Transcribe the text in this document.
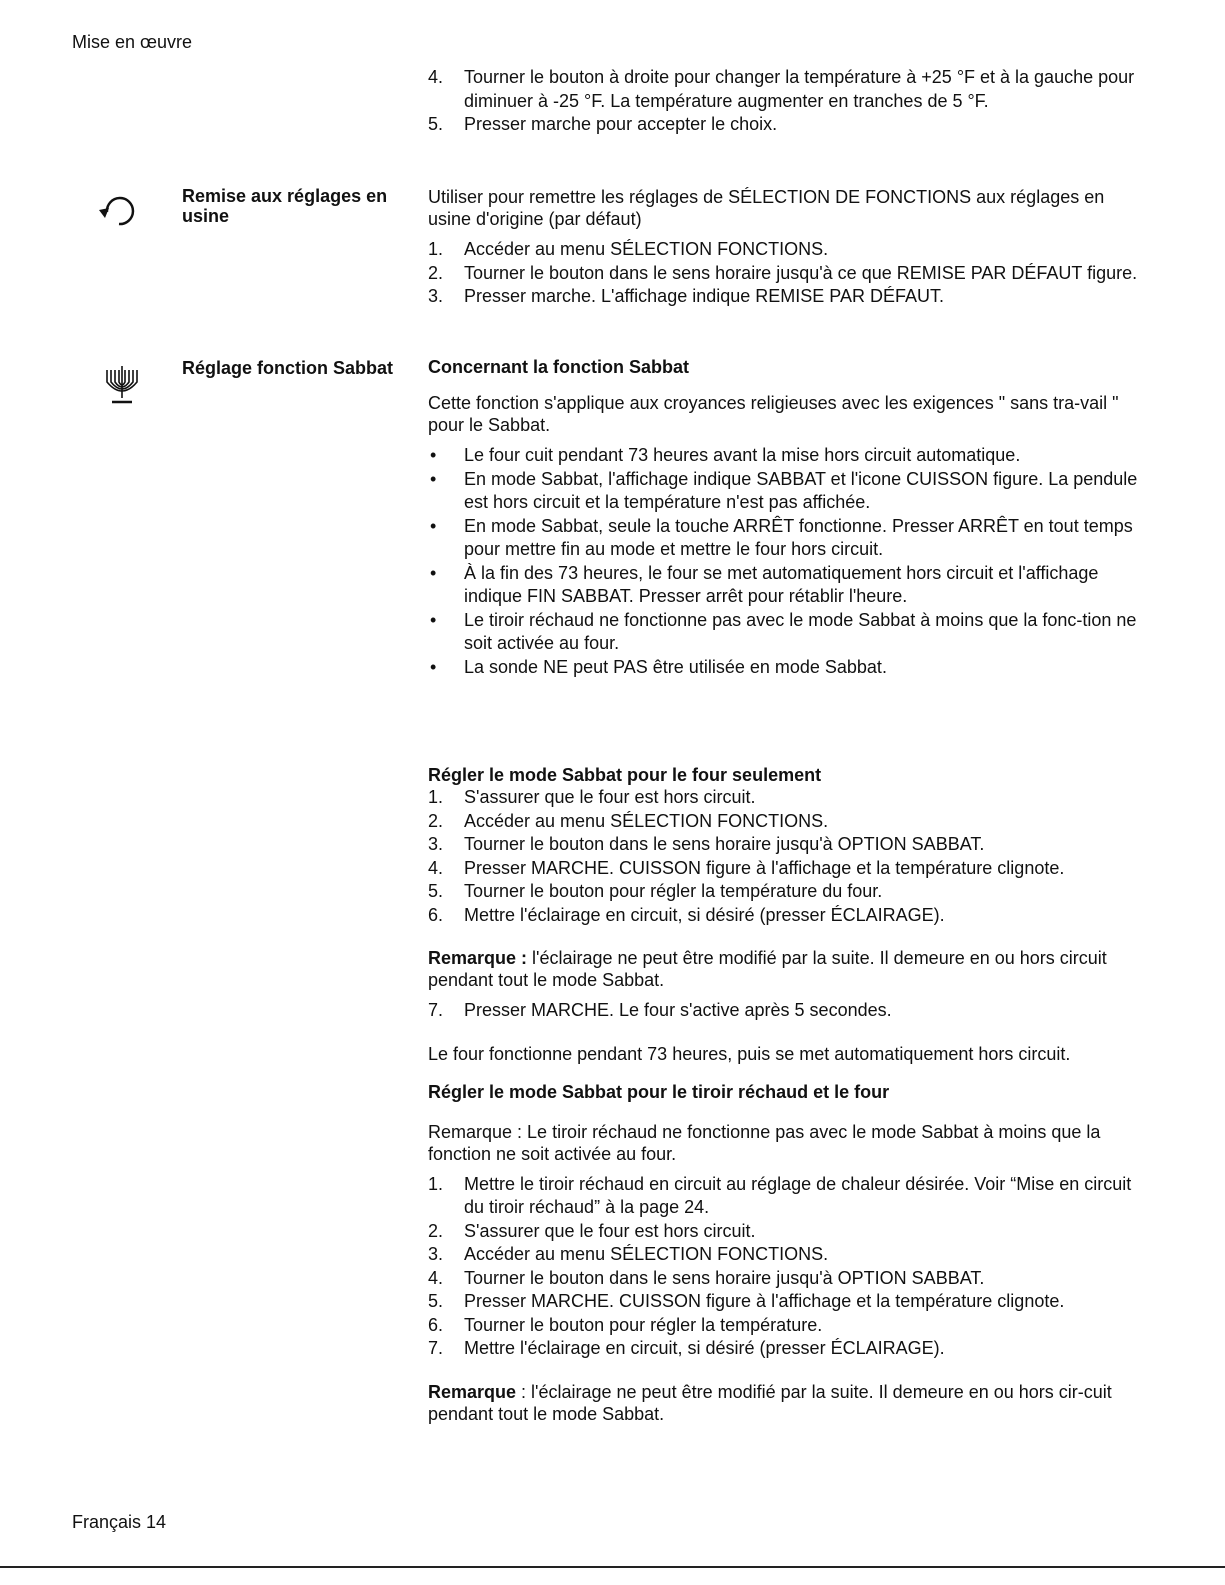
Mise en œuvre
4. Tourner le bouton à droite pour changer la température à +25 °F et à la gauche pour diminuer à -25 °F. La température augmenter en tranches de 5 °F.
5. Presser marche pour accepter le choix.
Remise aux réglages en usine

Utiliser pour remettre les réglages de SÉLECTION DE FONCTIONS aux réglages en usine d'origine (par défaut)

1. Accéder au menu SÉLECTION FONCTIONS.
2. Tourner le bouton dans le sens horaire jusqu'à ce que REMISE PAR DÉFAUT figure.
3. Presser marche. L'affichage indique REMISE PAR DÉFAUT.
Réglage fonction Sabbat	Concernant la fonction Sabbat

Cette fonction s'applique aux croyances religieuses avec les exigences " sans tra-vail " pour le Sabbat.

• Le four cuit pendant 73 heures avant la mise hors circuit automatique.
• En mode Sabbat, l'affichage indique SABBAT et l'icone CUISSON figure. La pendule est hors circuit et la température n'est pas affichée.
• En mode Sabbat, seule la touche ARRÊT fonctionne. Presser ARRÊT en tout temps pour mettre fin au mode et mettre le four hors circuit.
• À la fin des 73 heures, le four se met automatiquement hors circuit et l'affichage indique FIN SABBAT. Presser arrêt pour rétablir l'heure.
• Le tiroir réchaud ne fonctionne pas avec le mode Sabbat à moins que la fonc-tion ne soit activée au four.
• La sonde NE peut PAS être utilisée en mode Sabbat.

Régler le mode Sabbat pour le four seulement

1. S'assurer que le four est hors circuit.
2. Accéder au menu SÉLECTION FONCTIONS.
3. Tourner le bouton dans le sens horaire jusqu'à OPTION SABBAT.
4. Presser MARCHE. CUISSON figure à l'affichage et la température clignote.
5. Tourner le bouton pour régler la température du four.
6. Mettre l'éclairage en circuit, si désiré (presser ÉCLAIRAGE).

Remarque : l'éclairage ne peut être modifié par la suite. Il demeure en ou hors circuit pendant tout le mode Sabbat.

7. Presser MARCHE. Le four s'active après 5 secondes.

Le four fonctionne pendant 73 heures, puis se met automatiquement hors circuit.

Régler le mode Sabbat pour le tiroir réchaud et le four

Remarque : Le tiroir réchaud ne fonctionne pas avec le mode Sabbat à moins que la fonction ne soit activée au four.

1. Mettre le tiroir réchaud en circuit au réglage de chaleur désirée. Voir “Mise en circuit du tiroir réchaud” à la page 24.
2. S'assurer que le four est hors circuit.
3. Accéder au menu SÉLECTION FONCTIONS.
4. Tourner le bouton dans le sens horaire jusqu'à OPTION SABBAT.
5. Presser MARCHE. CUISSON figure à l'affichage et la température clignote.
6. Tourner le bouton pour régler la température.
7. Mettre l'éclairage en circuit, si désiré (presser ÉCLAIRAGE).

Remarque : l'éclairage ne peut être modifié par la suite. Il demeure en ou hors cir-cuit pendant tout le mode Sabbat.

Français 14
